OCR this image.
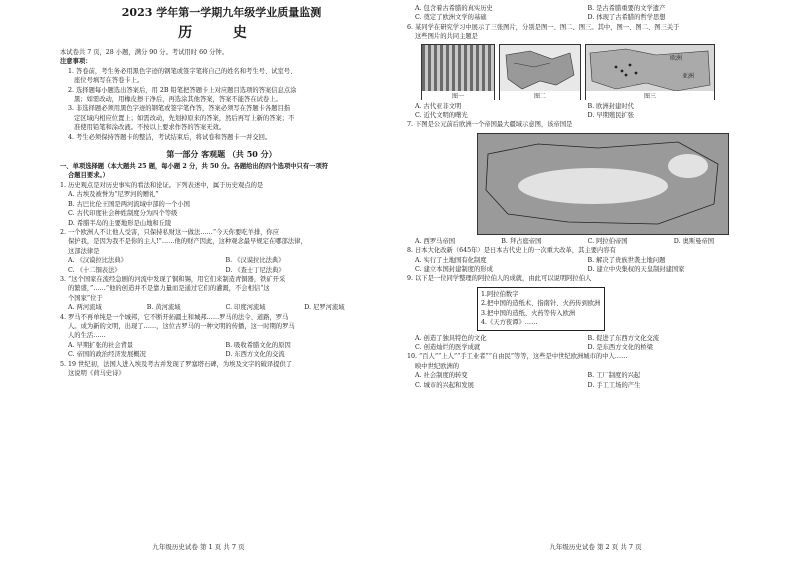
2023 学年第一学期九年级学业质量监测
历 史
本试卷共 7 页，28 小题，满分 90 分。考试用时 60 分钟。
注意事项：
1. 答卷前，考生务必用黑色字迹的钢笔或签字笔将自己的姓名和考生号、试室号、
座位号填写在答卷卡上。
2. 选择题每小题选出答案后，用 2B 铅笔把答题卡上对应题目选项的答案信息点涂
黑；如需改动，用橡皮擦干净后，再选涂其他答案，答案不能答在试卷上。
3. 非选择题必须用黑色字迹的钢笔或签字笔作答，答案必须写在答题卡各题目指
定区域内相应位置上；如需改动，先划掉原来的答案，然后再写上新的答案；不
准使用铅笔和涂改液。不按以上要求作答的答案无效。
4. 考生必须保持答题卡的整洁，考试结束后，将试卷和答题卡一并交回。
第一部分 客观题 （共 50 分）
一、单项选择题（本大题共 25 题，每小题 2 分，共 50 分。各题给出的四个选项中只有一项符
合题目要求。）
1. 历史观点是对历史事实的看法和论证。下列表述中，属于历史观点的是
A. 古埃及被誉为“尼罗河的赠礼”
B. 古巴比伦王国是两河流域中部的一个小国
C. 古代印度社会种姓制度分为四个等级
D. 希腊半岛的主要地形是山地和丘陵
2. 一个欧洲人不让他人受害，只保持私财这一做法……“今天你要吃羊排，你应
保护我，是因为我不是你的主人!”……他的财产因此，这种观念最早规定在哪部法律，
这部法律是
A. 《汉谟拉比法典》	B. 《汉谟拉比法典》
C. 《十二铜表法》	D. 《查士丁尼法典》
3. “这个国家在流经急剧的河流中发现了铜和锡，用它们来制造青铜器，铁矿开采
的繁盛，”……“他的创造并不是靠力量而是通过它们的灌溉，不会相信“这
个国家”位于
A. 两河流域	B. 黄河流域	C. 印度河流域	D. 尼罗河流域
4. 罗马不再单纯是一个城邦，它不断开拓疆土和城邦……罗马的法令、道路，罗马
人。成为新的文明，出现了……，这位古罗马的一种文明的传播，这一时期的罗马
人的生活……
A. 早期扩张的社会背景	B. 吸收希腊文化的原因
C. 帝国的政治经济发展概况	D. 东西方文化的交流
5. 19 世纪初，法国人进入埃及考古并发现了罗塞塔石碑，为埃及文字的破译提供了
这说明《荷马史诗》
九年级历史试卷 第 1 页 共 7 页
A. 包含着古希腊的真实历史	B. 是古希腊重要的文学遗产
C. 奠定了欧洲文学的基础	D. 体现了古希腊的哲学思想
6. 某同学在研究学习中展示了三张图片，分别是图一、图二、图三。其中，图一、图二、图三关于
这些图片的共同主题是
图一	图二
欧洲
亚洲
图三
A. 古代亚非文明	B. 欧洲封建时代
C. 近代文明的曙光	D. 早期殖民扩张
7. 下图是公元前后欧洲一个帝国最大疆域示意图，该帝国是
A. 西罗马帝国	B. 拜占庭帝国	C. 阿拉伯帝国	D. 奥斯曼帝国
8. 日本大化改新（645年）是日本古代史上的一次重大改革，其主要内容有
A. 实行了土地国有化制度	B. 解决了贵族世袭土地问题
C. 建立本国封建制度的形成	D. 建立中央集权的天皇制封建国家
9. 以下是一位同学整理的阿拉伯人的成就，由此可以说明阿拉伯人
1.阿拉伯数字
2.把中国的造纸术、指南针、火药传到欧洲
3.把中国的造纸、火药等传入欧洲
4.《天方夜谭》……
A. 创造了独具特色的文化	B. 促进了东西方文化交流
C. 创造灿烂的医学成就	D. 是东西方文化的桥梁
10. “百人”“上人”“手工业者”“自由民”等等，这些是中世纪欧洲城市的中人……
映中世纪欧洲的
A. 社会制度的转变	B. 工厂制度的兴起
C. 城市的兴起和发展	D. 手工工场的产生
九年级历史试卷 第 2 页 共 7 页
